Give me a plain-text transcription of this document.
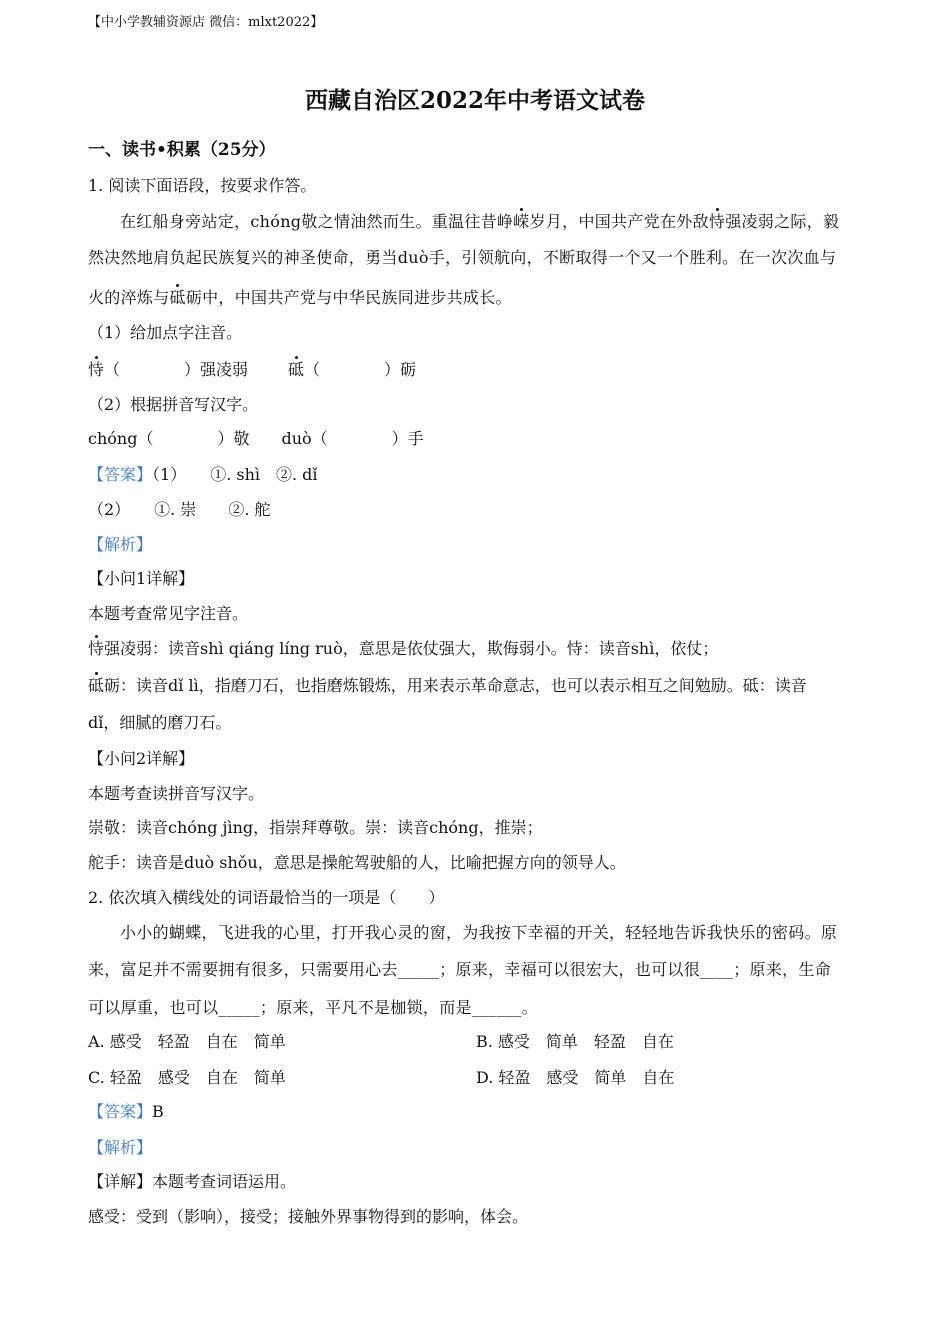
【中小学教辅资源店 微信：mlxt2022】
西藏自治区2022年中考语文试卷
一、读书•积累（25分）
1. 阅读下面语段，按要求作答。
在红船身旁站定，chóng敬之情油然而生。重温往昔峥嵘岁月，中国共产党在外敌恃强凌弱之际，毅
然决然地肩负起民族复兴的神圣使命，勇当duò手，引领航向，不断取得一个又一个胜利。在一次次血与
火的淬炼与砥砺中，中国共产党与中华民族同进步共成长。
（1）给加点字注音。
恃（　　　　）强凌弱 砥（　　　　）砺
（2）根据拼音写汉字。
chóng（　　　　）敬　　duò（　　　　）手
【答案】（1）　　①. shì　②. dǐ
（2）　　①. 崇　　②. 舵
【解析】
【小问1详解】
本题考查常见字注音。
恃强凌弱：读音shì qiáng líng ruò，意思是依仗强大，欺侮弱小。恃：读音shì，依仗；
砥砺：读音dǐ lì，指磨刀石，也指磨炼锻炼，用来表示革命意志，也可以表示相互之间勉励。砥：读音
dǐ，细腻的磨刀石。
【小问2详解】
本题考查读拼音写汉字。
崇敬：读音chóng jìng，指崇拜尊敬。崇：读音chóng，推崇；
舵手：读音是duò shǒu，意思是操舵驾驶船的人，比喻把握方向的领导人。
2. 依次填入横线处的词语最恰当的一项是（　　）
小小的蝴蝶，飞进我的心里，打开我心灵的窗，为我按下幸福的开关，轻轻地告诉我快乐的密码。原
来，富足并不需要拥有很多，只需要用心去_____；原来，幸福可以很宏大，也可以很____；原来，生命
可以厚重，也可以_____；原来，平凡不是枷锁，而是______。
A. 感受　轻盈　自在　简单	B. 感受　简单　轻盈　自在
C. 轻盈　感受　自在　简单	D. 轻盈　感受　简单　自在
【答案】B
【解析】
【详解】本题考查词语运用。
感受：受到（影响），接受；接触外界事物得到的影响，体会。
